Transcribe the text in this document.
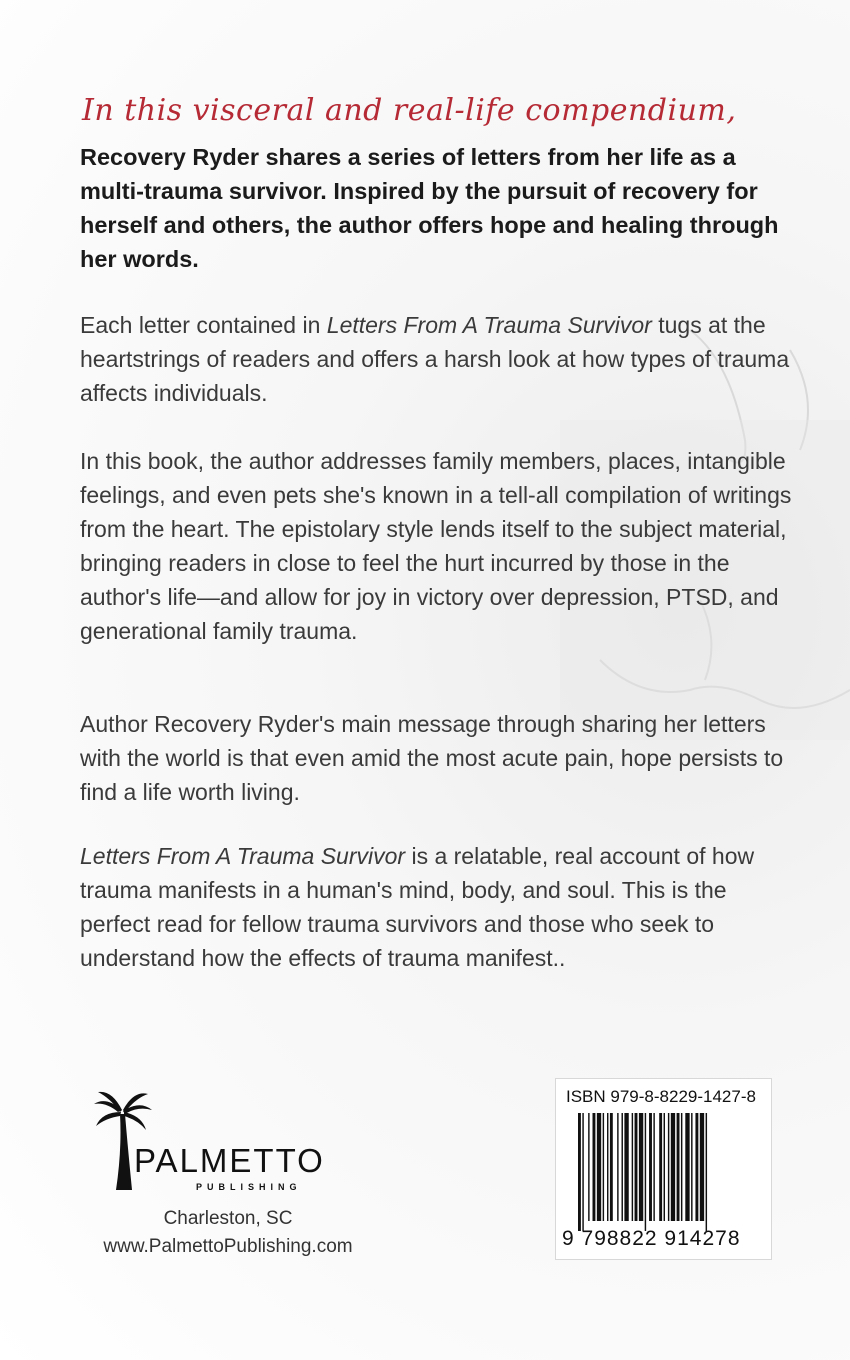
In this visceral and real-life compendium,

Recovery Ryder shares a series of letters from her life as a multi-trauma survivor. Inspired by the pursuit of recovery for herself and others, the author offers hope and healing through her words.

Each letter contained in Letters From A Trauma Survivor tugs at the heartstrings of readers and offers a harsh look at how types of trauma affects individuals.

In this book, the author addresses family members, places, intangible feelings, and even pets she's known in a tell-all compilation of writings from the heart. The epistolary style lends itself to the subject material, bringing readers in close to feel the hurt incurred by those in the author's life—and allow for joy in victory over depression, PTSD, and generational family trauma.

Author Recovery Ryder's main message through sharing her letters with the world is that even amid the most acute pain, hope persists to find a life worth living.

Letters From A Trauma Survivor is a relatable, real account of how trauma manifests in a human's mind, body, and soul. This is the perfect read for fellow trauma survivors and those who seek to understand how the effects of trauma manifest..

PALMETTO
PUBLISHING
Charleston, SC
www.PalmettoPublishing.com
ISBN 979-8-8229-1427-8
9 798822 914278
